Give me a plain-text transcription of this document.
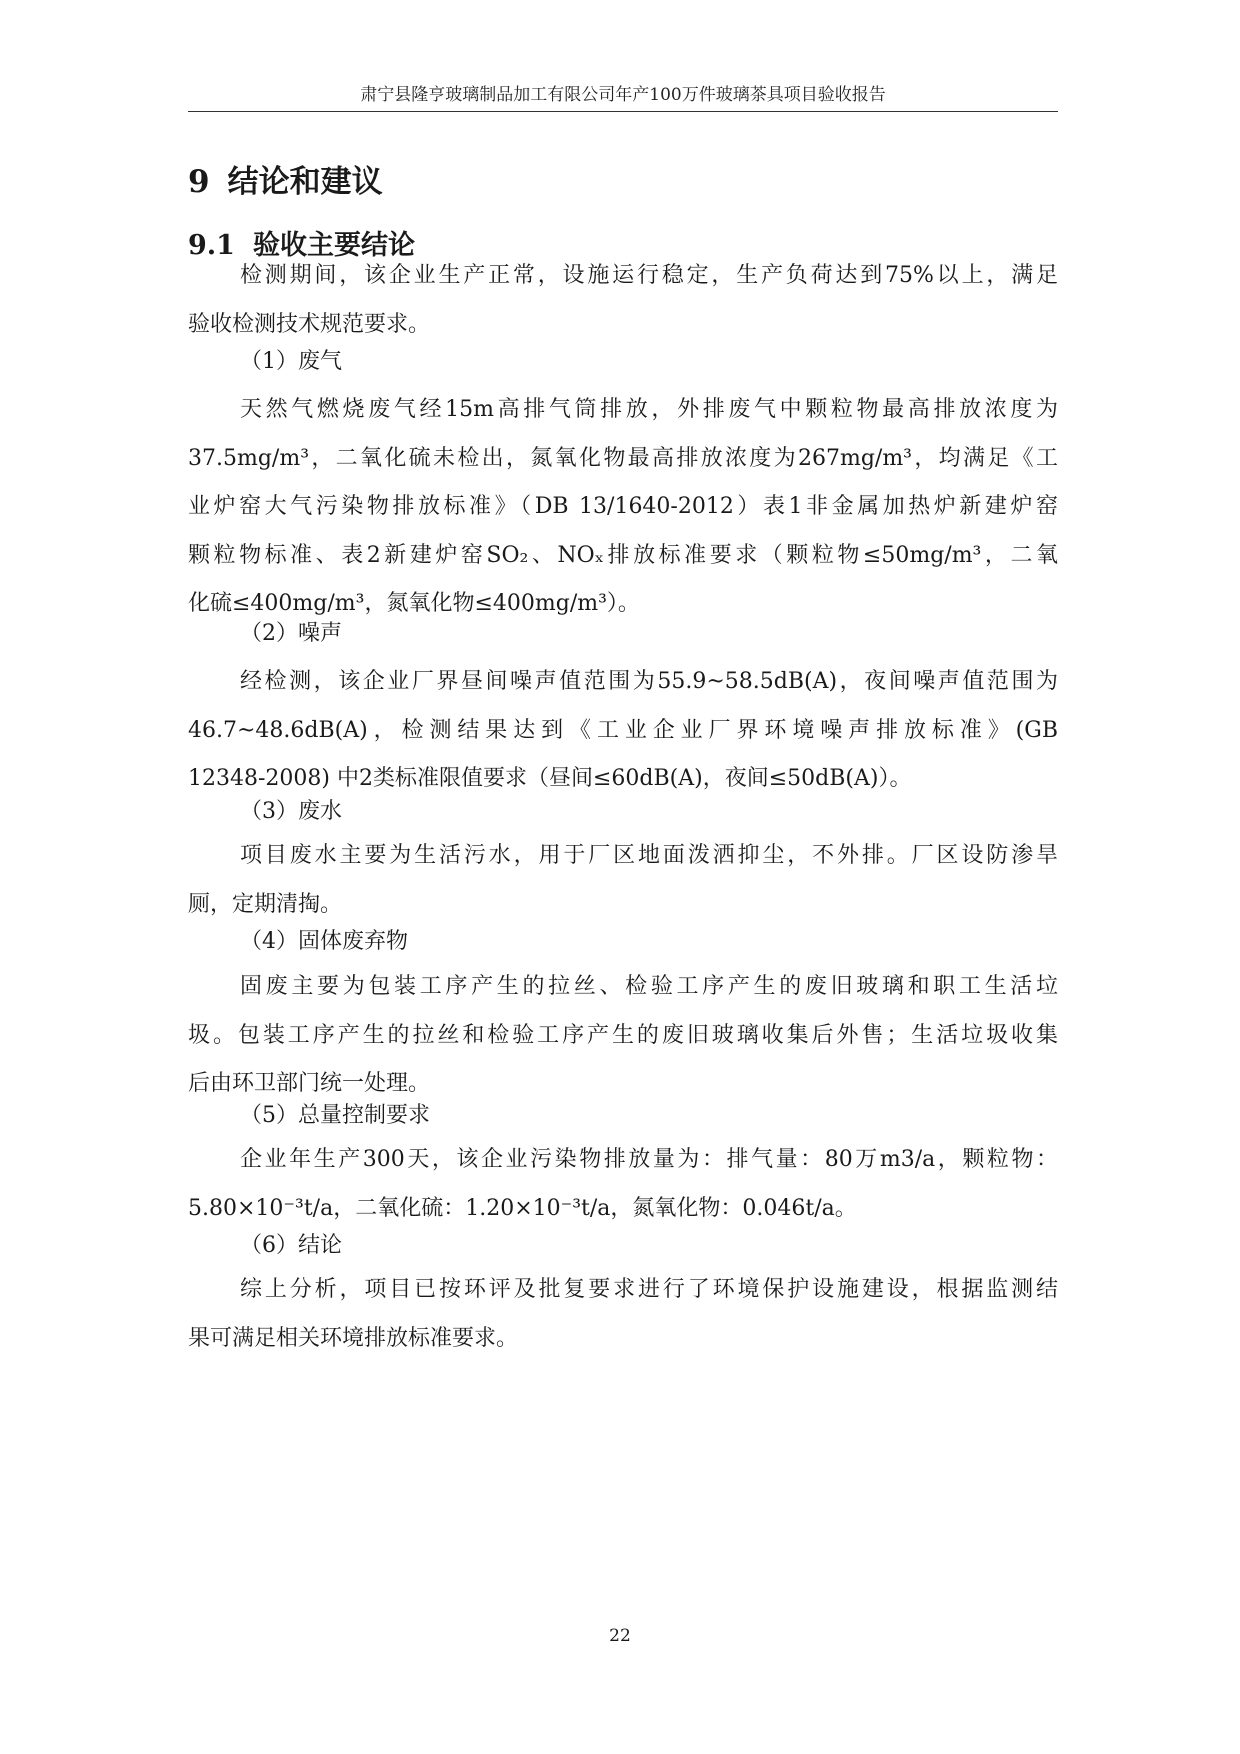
肃宁县隆亨玻璃制品加工有限公司年产100万件玻璃茶具项目验收报告
9 结论和建议
9.1 验收主要结论
检测期间，该企业生产正常，设施运行稳定，生产负荷达到75%以上，满足
验收检测技术规范要求。
（1）废气
天然气燃烧废气经15m高排气筒排放，外排废气中颗粒物最高排放浓度为
37.5mg/m³，二氧化硫未检出，氮氧化物最高排放浓度为267mg/m³，均满足《工
业炉窑大气污染物排放标准》（DB 13/1640-2012）表1非金属加热炉新建炉窑
颗粒物标准、表2新建炉窑SO₂、NOₓ排放标准要求（颗粒物≤50mg/m³，二氧
化硫≤400mg/m³，氮氧化物≤400mg/m³）。
（2）噪声
经检测，该企业厂界昼间噪声值范围为55.9~58.5dB(A)，夜间噪声值范围为
46.7~48.6dB(A)，检测结果达到《工业企业厂界环境噪声排放标准》(GB
12348-2008) 中2类标准限值要求（昼间≤60dB(A)，夜间≤50dB(A)）。
（3）废水
项目废水主要为生活污水，用于厂区地面泼洒抑尘，不外排。厂区设防渗旱
厕，定期清掏。
（4）固体废弃物
固废主要为包装工序产生的拉丝、检验工序产生的废旧玻璃和职工生活垃
圾。包装工序产生的拉丝和检验工序产生的废旧玻璃收集后外售；生活垃圾收集
后由环卫部门统一处理。
（5）总量控制要求
企业年生产300天，该企业污染物排放量为：排气量：80万m3/a，颗粒物：
5.80×10⁻³t/a，二氧化硫：1.20×10⁻³t/a，氮氧化物：0.046t/a。
（6）结论
综上分析，项目已按环评及批复要求进行了环境保护设施建设，根据监测结
果可满足相关环境排放标准要求。
22
